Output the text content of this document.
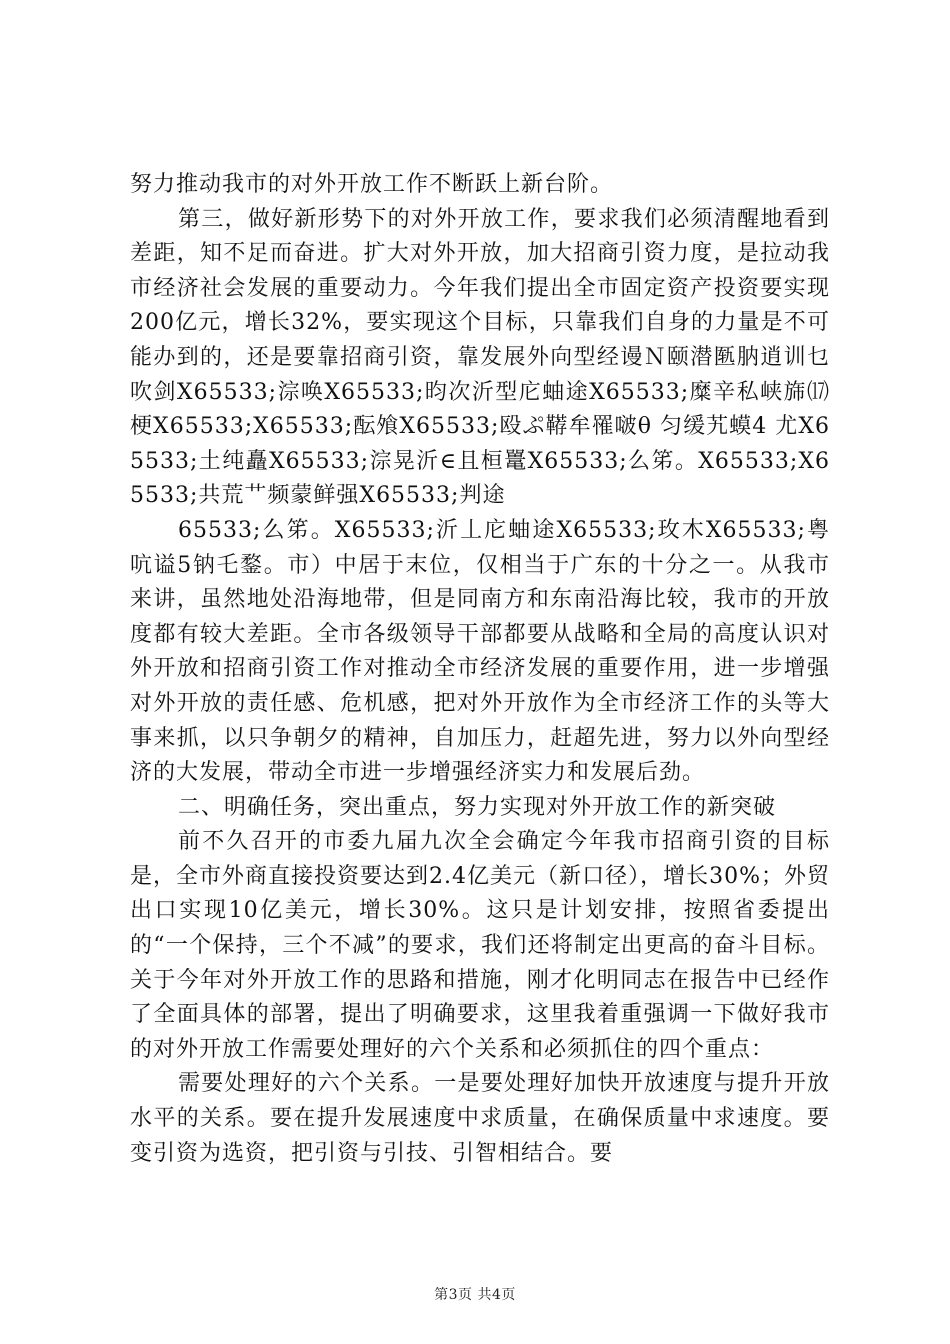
努力推动我市的对外开放工作不断跃上新台阶。

第三，做好新形势下的对外开放工作，要求我们必须清醒地看到差距，知不足而奋进。扩大对外开放，加大招商引资力度，是拉动我市经济社会发展的重要动力。今年我们提出全市固定资产投资要实现200亿元，增长32%，要实现这个目标，只靠我们自身的力量是不可能办到的，还是要靠招商引资，靠发展外向型经谩Ｎ颐潜匦肭逍训乜吹剑X65533;淙唤X65533;昀次沂型庀蚰途X65533;糜辛私峡旆⒄梗X65533;X65533;酝飧X65533;殴ぷ鞯牟罹啵θ 匀缓艽蟆4 尤X65533;土纯矗X65533;淙晃沂∈且桓鼍X65533;么笫。X65533;X65533;共荒艹频蒙鲜强X65533;判途

65533;么笫。X65533;沂丄庀蚰途X65533;玫木X65533;粤吭谥5钠乇鍪。市）中居于末位，仅相当于广东的十分之一。从我市来讲，虽然地处沿海地带，但是同南方和东南沿海比较，我市的开放度都有较大差距。全市各级领导干部都要从战略和全局的高度认识对外开放和招商引资工作对推动全市经济发展的重要作用，进一步增强对外开放的责任感、危机感，把对外开放作为全市经济工作的头等大事来抓，以只争朝夕的精神，自加压力，赶超先进，努力以外向型经济的大发展，带动全市进一步增强经济实力和发展后劲。

二、明确任务，突出重点，努力实现对外开放工作的新突破

前不久召开的市委九届九次全会确定今年我市招商引资的目标是，全市外商直接投资要达到2.4亿美元（新口径），增长30%；外贸出口实现10亿美元，增长30%。这只是计划安排，按照省委提出的“一个保持，三个不减”的要求，我们还将制定出更高的奋斗目标。关于今年对外开放工作的思路和措施，刚才化明同志在报告中已经作了全面具体的部署，提出了明确要求，这里我着重强调一下做好我市的对外开放工作需要处理好的六个关系和必须抓住的四个重点：

需要处理好的六个关系。一是要处理好加快开放速度与提升开放水平的关系。要在提升发展速度中求质量，在确保质量中求速度。要变引资为选资，把引资与引技、引智相结合。要

第3页 共4页
